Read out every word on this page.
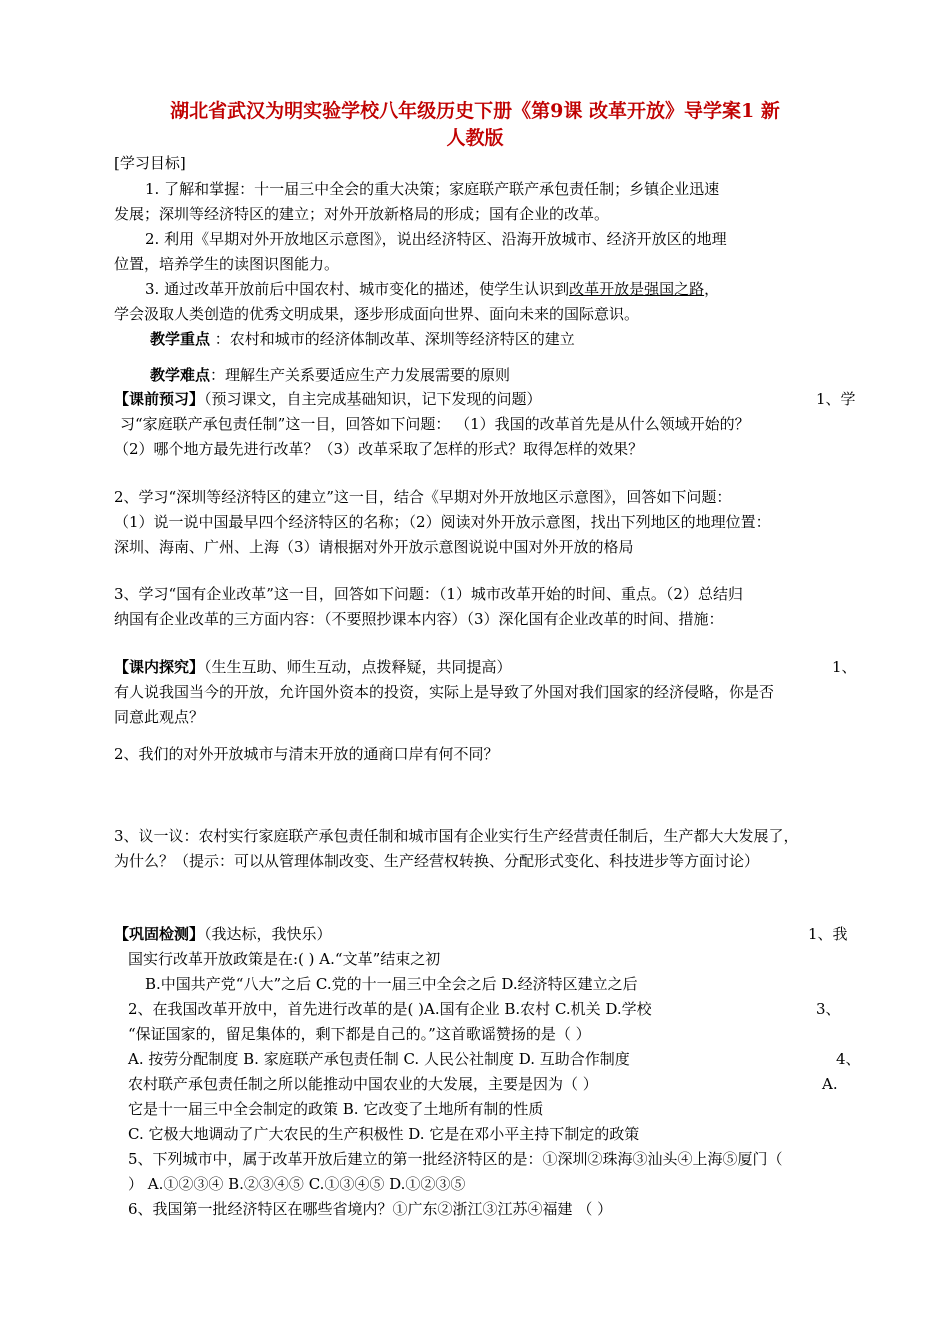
湖北省武汉为明实验学校八年级历史下册《第9课 改革开放》导学案1 新
人教版
[学习目标]
1. 了解和掌握：十一届三中全会的重大决策；家庭联产联产承包责任制；乡镇企业迅速
发展；深圳等经济特区的建立；对外开放新格局的形成；国有企业的改革。
2. 利用《早期对外开放地区示意图》，说出经济特区、沿海开放城市、经济开放区的地理
位置，培养学生的读图识图能力。
3. 通过改革开放前后中国农村、城市变化的描述，使学生认识到改革开放是强国之路，
学会汲取人类创造的优秀文明成果，逐步形成面向世界、面向未来的国际意识。
教学重点 ：农村和城市的经济体制改革、深圳等经济特区的建立
教学难点：理解生产关系要适应生产力发展需要的原则
【课前预习】（预习课文，自主完成基础知识，记下发现的问题）	1、学
习“家庭联产承包责任制”这一目，回答如下问题： （1）我国的改革首先是从什么领域开始的？
（2）哪个地方最先进行改革？（3）改革采取了怎样的形式？取得怎样的效果？
2、学习“深圳等经济特区的建立”这一目，结合《早期对外开放地区示意图》，回答如下问题：
（1）说一说中国最早四个经济特区的名称；（2）阅读对外开放示意图，找出下列地区的地理位置：
深圳、海南、广州、上海（3）请根据对外开放示意图说说中国对外开放的格局
3、学习“国有企业改革”这一目，回答如下问题：（1）城市改革开始的时间、重点。（2）总结归
纳国有企业改革的三方面内容：（不要照抄课本内容）（3）深化国有企业改革的时间、措施：
【课内探究】（生生互助、师生互动，点拨释疑，共同提高）	1、
有人说我国当今的开放，允许国外资本的投资，实际上是导致了外国对我们国家的经济侵略，你是否
同意此观点？
2、我们的对外开放城市与清末开放的通商口岸有何不同？
3、议一议：农村实行家庭联产承包责任制和城市国有企业实行生产经营责任制后，生产都大大发展了，
为什么？（提示：可以从管理体制改变、生产经营权转换、分配形式变化、科技进步等方面讨论）
【巩固检测】（我达标，我快乐）	1、我
国实行改革开放政策是在:( ) A.“文革”结束之初
B.中国共产党“八大”之后 C.党的十一届三中全会之后 D.经济特区建立之后
2、在我国改革开放中，首先进行改革的是( )A.国有企业 B.农村 C.机关 D.学校	3、
“保证国家的，留足集体的，剩下都是自己的。”这首歌谣赞扬的是（ ）
A. 按劳分配制度 B. 家庭联产承包责任制 C. 人民公社制度 D. 互助合作制度	4、
农村联产承包责任制之所以能推动中国农业的大发展，主要是因为（ ）	A.
它是十一届三中全会制定的政策 B. 它改变了土地所有制的性质
C. 它极大地调动了广大农民的生产积极性 D. 它是在邓小平主持下制定的政策
5、下列城市中，属于改革开放后建立的第一批经济特区的是：①深圳②珠海③汕头④上海⑤厦门（
） A.①②③④ B.②③④⑤ C.①③④⑤ D.①②③⑤
6、我国第一批经济特区在哪些省境内？①广东②浙江③江苏④福建 （ ）
